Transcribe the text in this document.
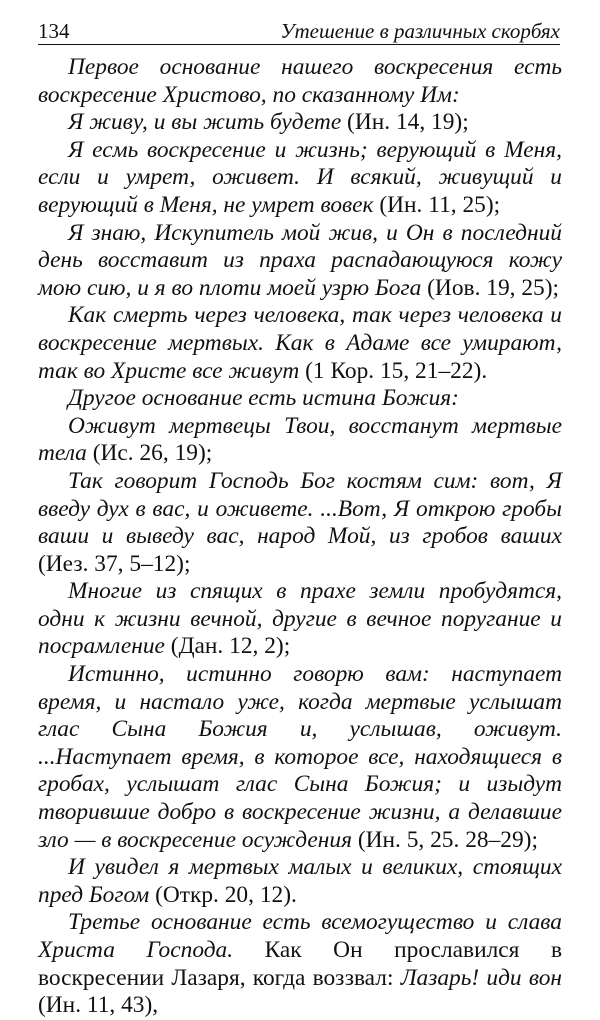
134	Утешение в различных скорбях

Первое основание нашего воскресения есть воскресение Христово, по сказанному Им:

Я живу, и вы жить будете (Ин. 14, 19);

Я есмь воскресение и жизнь; верующий в Меня, если и умрет, оживет. И всякий, живущий и верующий в Меня, не умрет вовек (Ин. 11, 25);

Я знаю, Искупитель мой жив, и Он в последний день восставит из праха распадающуюся кожу мою сию, и я во плоти моей узрю Бога (Иов. 19, 25);

Как смерть через человека, так через человека и воскресение мертвых. Как в Адаме все умирают, так во Христе все живут (1 Кор. 15, 21–22).

Другое основание есть истина Божия:

Оживут мертвецы Твои, восстанут мертвые тела (Ис. 26, 19);

Так говорит Господь Бог костям сим: вот, Я введу дух в вас, и оживете. ...Вот, Я открою гробы ваши и выведу вас, народ Мой, из гробов ваших (Иез. 37, 5–12);

Многие из спящих в прахе земли пробудятся, одни к жизни вечной, другие в вечное поругание и посрамление (Дан. 12, 2);

Истинно, истинно говорю вам: наступает время, и настало уже, когда мертвые услышат глас Сына Божия и, услышав, оживут. ...Наступает время, в которое все, находящиеся в гробах, услышат глас Сына Божия; и изыдут творившие добро в воскресение жизни, а делавшие зло — в воскресение осуждения (Ин. 5, 25. 28–29);

И увидел я мертвых малых и великих, стоящих пред Богом (Откр. 20, 12).

Третье основание есть всемогущество и слава Христа Господа. Как Он прославился в воскресении Лазаря, когда воззвал: Лазарь! иди вон (Ин. 11, 43),
